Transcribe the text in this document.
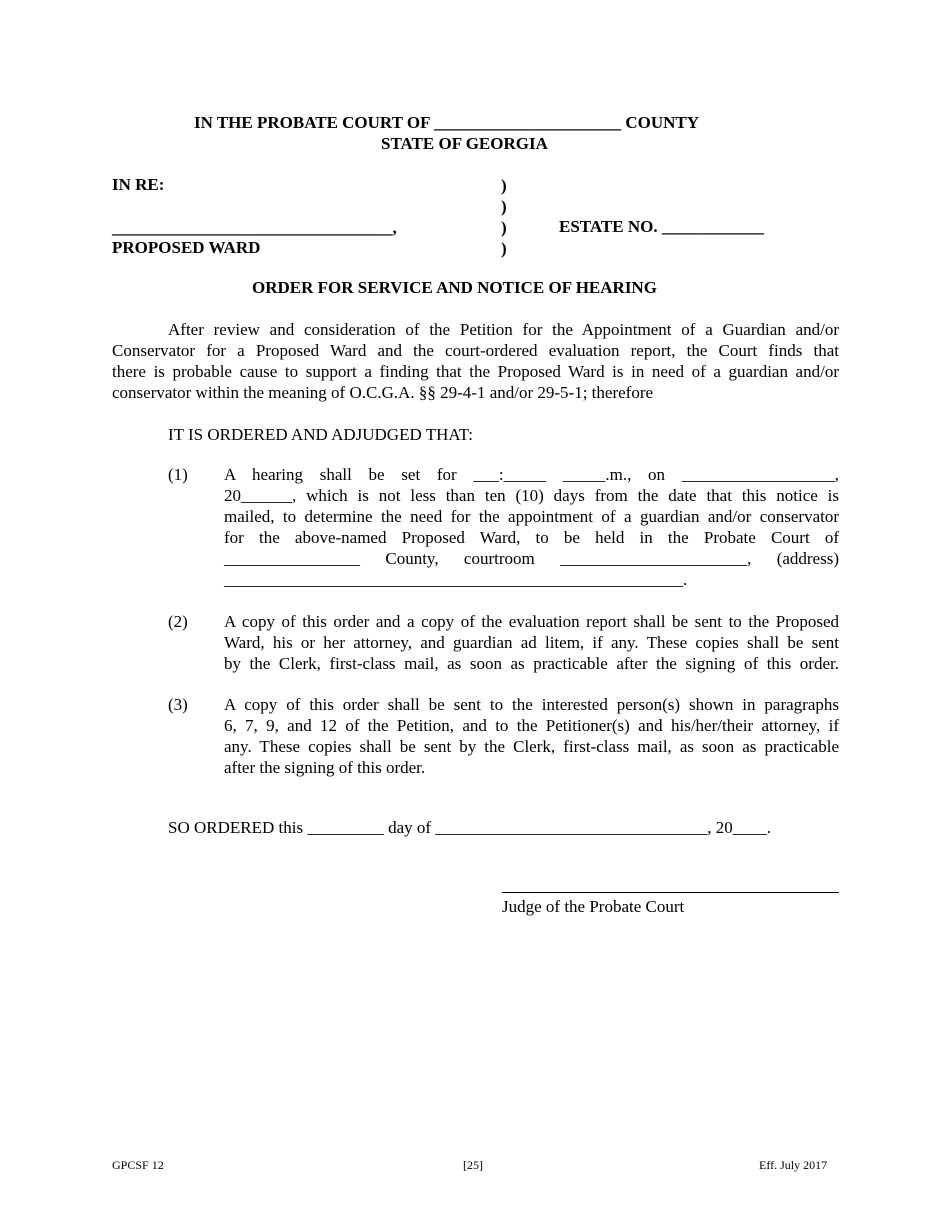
IN THE PROBATE COURT OF ______________________ COUNTY
STATE OF GEORGIA
IN RE:
_________________________________,
PROPOSED WARD
)
)
)
)
ESTATE NO. ____________
ORDER FOR SERVICE AND NOTICE OF HEARING
After review and consideration of the Petition for the Appointment of a Guardian and/or
Conservator for a Proposed Ward and the court-ordered evaluation report, the Court finds that
there is probable cause to support a finding that the Proposed Ward is in need of a guardian and/or
conservator within the meaning of O.C.G.A. §§ 29-4-1 and/or 29-5-1; therefore
IT IS ORDERED AND ADJUDGED THAT:
(1) A hearing shall be set for ___:_____ _____.m., on __________________,
20______, which is not less than ten (10) days from the date that this notice is
mailed, to determine the need for the appointment of a guardian and/or conservator
for the above-named Proposed Ward, to be held in the Probate Court of
________________ County, courtroom ______________________, (address)
______________________________________________________.
(2) A copy of this order and a copy of the evaluation report shall be sent to the Proposed
Ward, his or her attorney, and guardian ad litem, if any. These copies shall be sent
by the Clerk, first-class mail, as soon as practicable after the signing of this order.
(3) A copy of this order shall be sent to the interested person(s) shown in paragraphs
6, 7, 9, and 12 of the Petition, and to the Petitioner(s) and his/her/their attorney, if
any. These copies shall be sent by the Clerk, first-class mail, as soon as practicable
after the signing of this order.
SO ORDERED this _________ day of ________________________________, 20____.
Judge of the Probate Court
GPCSF 12	[25]	Eff. July 2017
